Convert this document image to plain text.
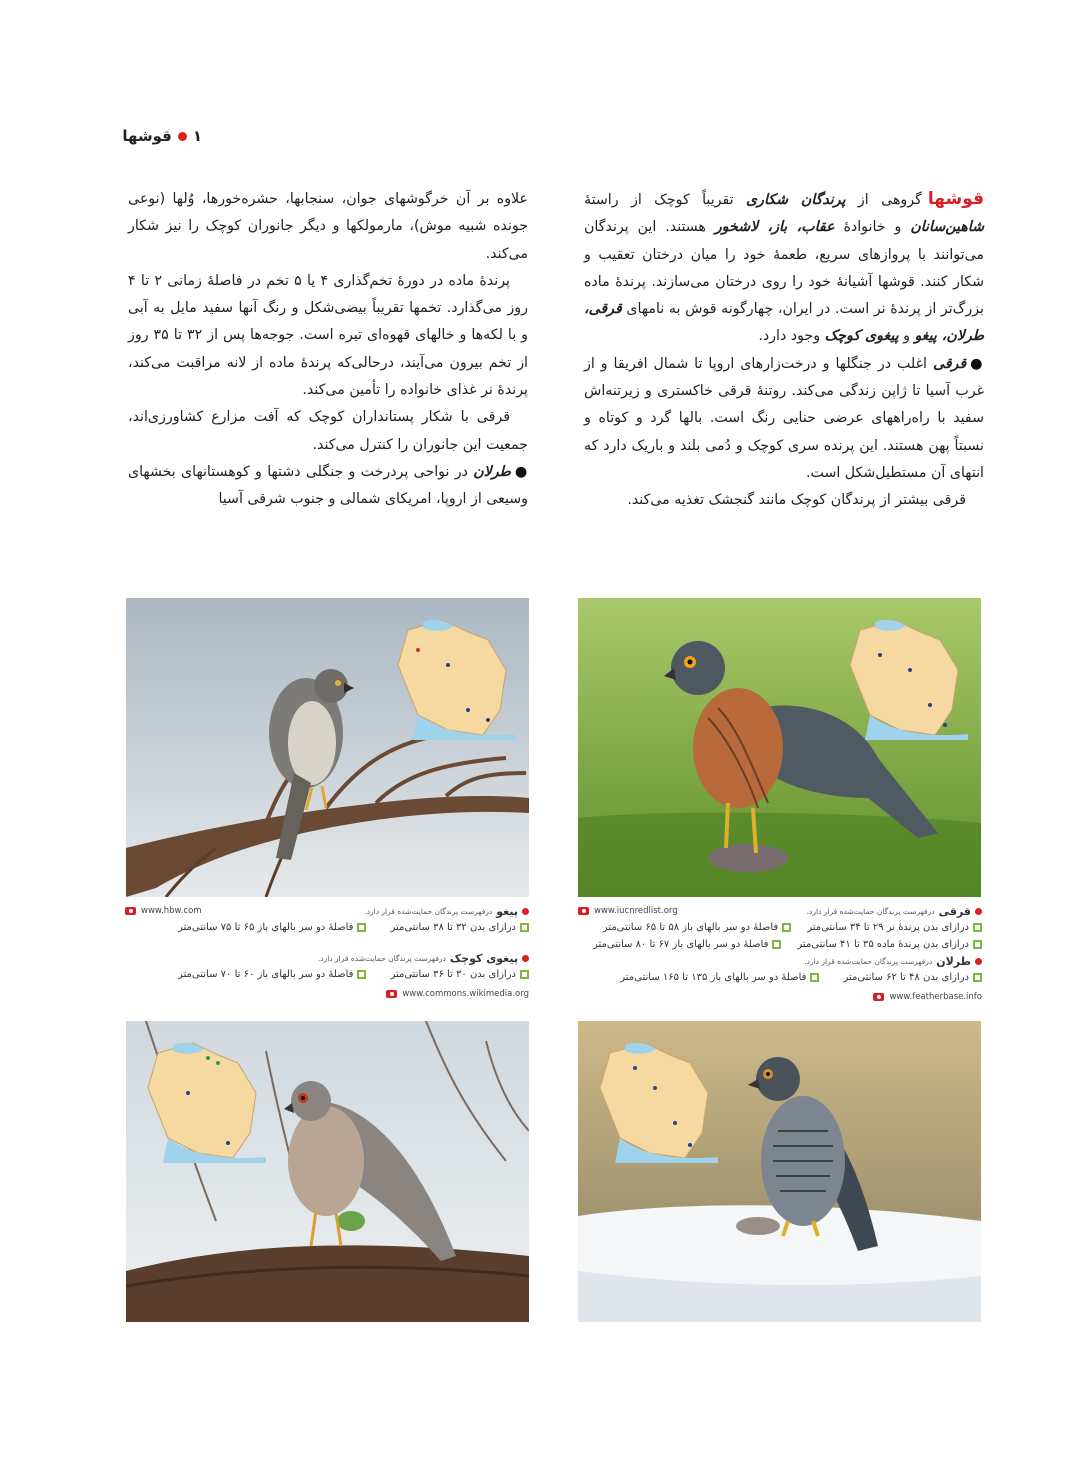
۱
قوشها

قوشهاگروهی از پرندگان شکاری تقریباً کوچک از راستهٔ شاهین‌سانان و خانوادهٔ عقاب، باز، لاشخور هستند. این پرندگان می‌توانند با پروازهای سریع، طعمهٔ خود را میان درختان تعقیب و شکار کنند. قوشها آشیانهٔ خود را روی درختان می‌سازند. پرندهٔ ماده بزرگ‌تر از پرندهٔ نر است. در ایران، چهارگونه قوش به نامهای قرقی، طرلان، پیغو و پیغوی کوچک وجود دارد.

●قرقی اغلب در جنگلها و درخت‌زارهای اروپا تا شمال افریقا و از غرب آسیا تا ژاپن زندگی می‌کند. روتنهٔ قرقی خاکستری و زیرتنه‌اش سفید با راه‌راههای عرضی حنایی رنگ است. بالها گرد و کوتاه و نسبتاً پهن هستند. این پرنده سری کوچک و دُمی بلند و باریک دارد که انتهای آن مستطیل‌شکل است.

قرقی بیشتر از پرندگان کوچک مانند گنجشک تغذیه می‌کند.

علاوه بر آن خرگوشهای جوان، سنجابها، حشره‌خورها، وُلها (نوعی جونده شبیه موش)، مارمولکها و دیگر جانوران کوچک را نیز شکار می‌کند.

پرندهٔ ماده در دورهٔ تخم‌گذاری ۴ یا ۵ تخم در فاصلهٔ زمانی ۲ تا ۴ روز می‌گذارد. تخمها تقریباً بیضی‌شکل و رنگ آنها سفید مایل به آبی و با لکه‌ها و خالهای قهوه‌ای تیره است. جوجه‌ها پس از ۳۲ تا ۳۵ روز از تخم بیرون می‌آیند، درحالی‌که پرندهٔ ماده از لانه مراقبت می‌کند، پرندهٔ نر غذای خانواده را تأمین می‌کند.

قرقی با شکار پستانداران کوچک که آفت مزارع کشاورزی‌اند، جمعیت این جانوران را کنترل می‌کند.

●طرلان در نواحی پردرخت و جنگلی دشتها و کوهستانهای بخشهای وسیعی از اروپا، امریکای شمالی و جنوب شرقی آسیا

پیغو
درفهرست پرندگان حمایت‌شده قرار دارد.
www.hbw.com
درازای بدن ۳۲ تا ۳۸ سانتی‌متر
فاصلهٔ دو سر بالهای باز ۶۵ تا ۷۵ سانتی‌متر
پیغوی کوچک
درفهرست پرندگان حمایت‌شده قرار دارد.
درازای بدن ۳۰ تا ۳۶ سانتی‌متر
فاصلهٔ دو سر بالهای باز ۶۰ تا ۷۰ سانتی‌متر
www.commons.wikimedia.org
قرقی
درفهرست پرندگان حمایت‌شده قرار دارد.
www.iucnredlist.org
درازای بدن پرندهٔ نر ۲۹ تا ۳۴ سانتی‌متر
فاصلهٔ دو سر بالهای باز ۵۸ تا ۶۵ سانتی‌متر
درازای بدن پرندهٔ ماده ۳۵ تا ۴۱ سانتی‌متر
فاصلهٔ دو سر بالهای باز ۶۷ تا ۸۰ سانتی‌متر
طرلان
درفهرست پرندگان حمایت‌شده قرار دارد.
درازای بدن ۴۸ تا ۶۲ سانتی‌متر
فاصلهٔ دو سر بالهای باز ۱۳۵ تا ۱۶۵ سانتی‌متر
www.featherbase.info
